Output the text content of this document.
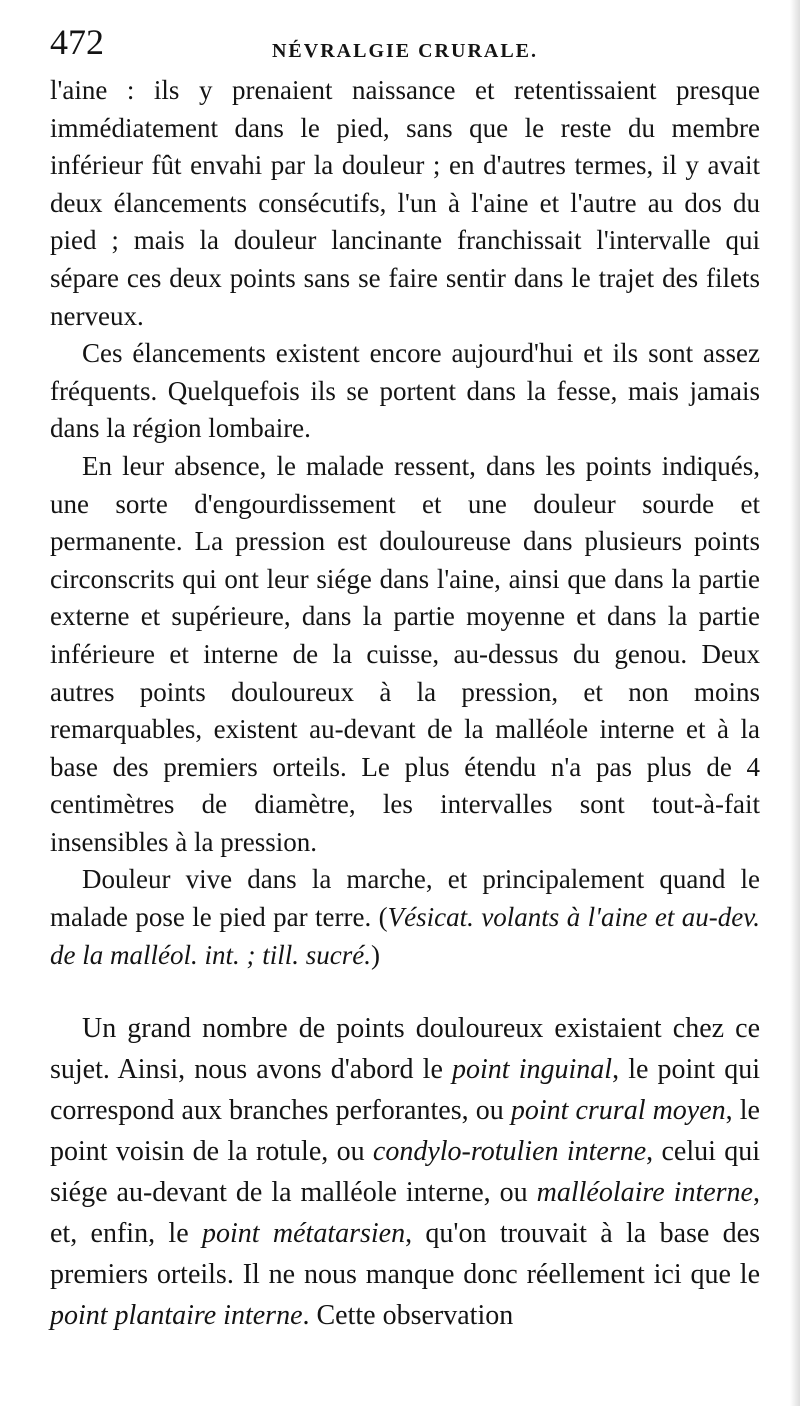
472	NÉVRALGIE CRURALE.

l'aine : ils y prenaient naissance et retentissaient presque immédiatement dans le pied, sans que le reste du membre inférieur fût envahi par la douleur ; en d'autres termes, il y avait deux élancements consécutifs, l'un à l'aine et l'autre au dos du pied ; mais la douleur lancinante franchissait l'intervalle qui sépare ces deux points sans se faire sentir dans le trajet des filets nerveux.

Ces élancements existent encore aujourd'hui et ils sont assez fréquents. Quelquefois ils se portent dans la fesse, mais jamais dans la région lombaire.

En leur absence, le malade ressent, dans les points indiqués, une sorte d'engourdissement et une douleur sourde et permanente. La pression est douloureuse dans plusieurs points circonscrits qui ont leur siége dans l'aine, ainsi que dans la partie externe et supérieure, dans la partie moyenne et dans la partie inférieure et interne de la cuisse, au-dessus du genou. Deux autres points douloureux à la pression, et non moins remarquables, existent au-devant de la malléole interne et à la base des premiers orteils. Le plus étendu n'a pas plus de 4 centimètres de diamètre, les intervalles sont tout-à-fait insensibles à la pression.

Douleur vive dans la marche, et principalement quand le malade pose le pied par terre. (Vésicat. volants à l'aine et au-dev. de la malléol. int. ; till. sucré.)

Un grand nombre de points douloureux existaient chez ce sujet. Ainsi, nous avons d'abord le point inguinal, le point qui correspond aux branches perforantes, ou point crural moyen, le point voisin de la rotule, ou condylo-rotulien interne, celui qui siége au-devant de la malléole interne, ou malléolaire interne, et, enfin, le point métatarsien, qu'on trouvait à la base des premiers orteils. Il ne nous manque donc réellement ici que le point plantaire interne. Cette observation
